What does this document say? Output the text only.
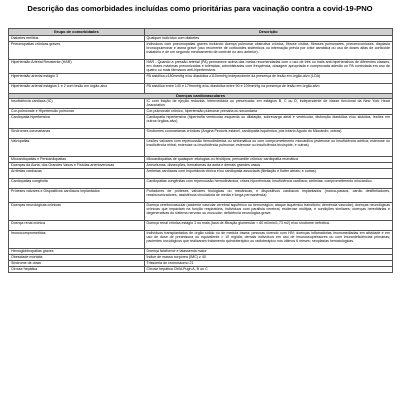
Descrição das comorbidades incluídas como prioritárias para vacinação contra a covid-19-PNO
Grupo de comorbidades	Descrição
Diabetes mellitus	Qualquer indivíduo com diabetes
Pneumopatias crônicas graves	Indivíduos com pneumopatias graves incluindo doença pulmonar obstrutiva crônica, fibrose cística, fibroses pulmonares, pneumoconioses, displasia broncopulmonar e asma grave (uso recorrente de corticoides sistêmicos ou internação prévia por crise asmática ou uso de doses altas de corticoide inalatório e de um segundo medicamento de controle no ano anterior).
Hipertensão Arterial Resistente (HAR)	HAR - Quando a pressão arterial (PA) permanece acima das metas recomendadas com o uso de três ou mais anti-hipertensivos de diferentes classes, em doses máximas preconizadas e toleradas, administradas com frequência, dosagem apropriada e comprovada adesão ou PA controlada em uso de quatro ou mais fármacos anti-hipertensivos
Hipertensão arterial estágio 3	PA sistólica ≥180mmHg e/ou diastólica ≥110mmHg independente da presença de lesão em órgão-alvo (LOA)
Hipertensão arterial estágios 1 e 2 com lesão em órgão-alvo	PA sistólica entre 140 e 179mmHg e/ou diastólica entre 90 e 109mmHg na presença de lesão em órgão-alvo
Doenças cardiovasculares	
Insuficiência cardíaca (IC)	IC com fração de ejeção reduzida, intermediária ou preservada; em estágios B, C ou D, independente de classe funcional da New York Heart Association
Cor-pulmonale e Hipertensão pulmonar	Cor-pulmonale crônico, hipertensão pulmonar primária ou secundária
Cardiopatia hipertensiva	Cardiopatia hipertensiva (hipertrofia ventricular esquerda ou dilatação, sobrecarga atrial e ventricular, disfunção diastólica e/ou sistólica, lesões em outros órgãos-alvo)
Síndromes coronarianas	Síndromes coronarianas crônicas (Angina Pectoris estável, cardiopatia isquêmica, pós Infarto Agudo do Miocárdio, outras)
Valvopatias	Lesões valvares com repercussão hemodinâmica ou sintomática ou com comprometimento miocárdico (estenose ou insuficiência aórtica; estenose ou insuficiência mitral; estenose ou insuficiência pulmonar; estenose ou insuficiência tricúspide, e outras)
Miocardiopatias e Pericardiopatias	Miocardiopatias de quaisquer etiologias ou fenótipos; pericardite crônica; cardiopatia reumática
Doenças da Aorta, dos Grandes Vasos e Fístulas arteriovenosas	Aneurismas, dissecções, hematomas da aorta e demais grandes vasos
Arritmias cardíacas	Arritmias cardíacas com importância clínica e/ou cardiopatia associada (fibrilação e flutter atriais; e outras)
Cardiopatias congênita	Cardiopatias congênitas com repercussão hemodinâmica, crises hipoxêmicas; insuficiência cardíaca; arritmias; comprometimento miocárdico.
Próteses valvares e Dispositivos cardíacos implantados	Portadores de próteses valvares biológicas ou mecânicas; e dispositivos cardíacos implantados (marca-passos, cardio desfibriladores, ressincronizadores, assistência circulatória de média e longa permanência)
Doenças neurológicas crônicas	Doença cerebrovascular (acidente vascular cerebral isquêmico ou hemorrágico; ataque isquêmico transitório; demência vascular); doenças neurológicas crônicas que impactam na função respiratória, indivíduos com paralisia cerebral, esclerose múltipla, e condições similares; doenças hereditárias e degenerativas do sistema nervoso ou muscular; deficiência neurológica grave.
Doença renal crônica	Doença renal crônica estágio 3 ou mais (taxa de filtração glomerular < 60 ml/min/1,73 m2) e/ou síndrome nefrótica.
Imunocomprometidos	Indivíduos transplantados de órgão sólido ou de medula óssea; pessoas vivendo com HIV; doenças inflamatórias imunomediadas em atividade e em uso de dose de prednisona ou equivalente > 10 mg/dia; demais indivíduos em uso de imunossupressores ou com imunodeficiências primárias; pacientes oncológicos que realizaram tratamento quimioterápico ou radioterápico nos últimos 6 meses; neoplasias hematológicas.
Hemoglobinopatias graves	Doença falciforme e talassemia maior
Obesidade mórbida	Índice de massa corpórea (IMC) ≥ 40
Síndrome de down	Trissomia do cromossomo 21
Cirrose hepática	Cirrose hepática Child-Pugh A, B ou C
